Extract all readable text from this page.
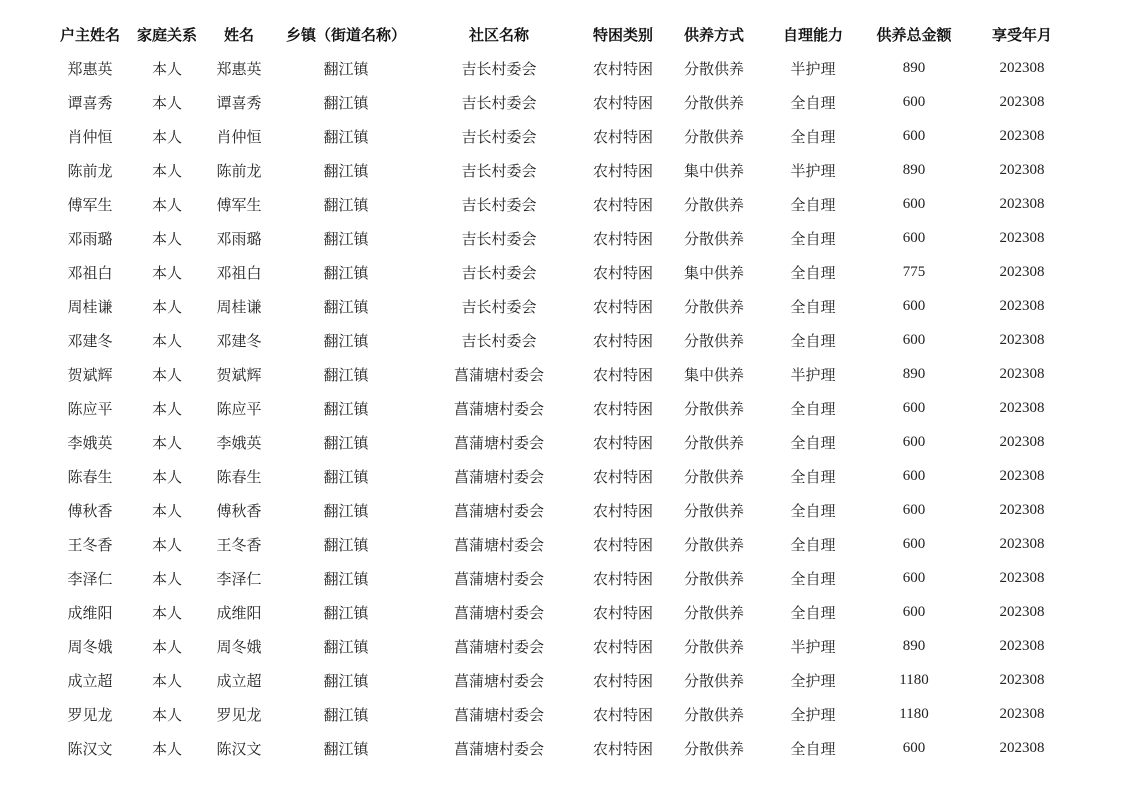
户主姓名	家庭关系	姓名	乡镇（街道名称）	社区名称	特困类别	供养方式	自理能力	供养总金额	享受年月
郑惠英	本人	郑惠英	翻江镇	吉长村委会	农村特困	分散供养	半护理	890	202308
谭喜秀	本人	谭喜秀	翻江镇	吉长村委会	农村特困	分散供养	全自理	600	202308
肖仲恒	本人	肖仲恒	翻江镇	吉长村委会	农村特困	分散供养	全自理	600	202308
陈前龙	本人	陈前龙	翻江镇	吉长村委会	农村特困	集中供养	半护理	890	202308
傅军生	本人	傅军生	翻江镇	吉长村委会	农村特困	分散供养	全自理	600	202308
邓雨璐	本人	邓雨璐	翻江镇	吉长村委会	农村特困	分散供养	全自理	600	202308
邓祖白	本人	邓祖白	翻江镇	吉长村委会	农村特困	集中供养	全自理	775	202308
周桂谦	本人	周桂谦	翻江镇	吉长村委会	农村特困	分散供养	全自理	600	202308
邓建冬	本人	邓建冬	翻江镇	吉长村委会	农村特困	分散供养	全自理	600	202308
贺斌辉	本人	贺斌辉	翻江镇	菖蒲塘村委会	农村特困	集中供养	半护理	890	202308
陈应平	本人	陈应平	翻江镇	菖蒲塘村委会	农村特困	分散供养	全自理	600	202308
李娥英	本人	李娥英	翻江镇	菖蒲塘村委会	农村特困	分散供养	全自理	600	202308
陈春生	本人	陈春生	翻江镇	菖蒲塘村委会	农村特困	分散供养	全自理	600	202308
傅秋香	本人	傅秋香	翻江镇	菖蒲塘村委会	农村特困	分散供养	全自理	600	202308
王冬香	本人	王冬香	翻江镇	菖蒲塘村委会	农村特困	分散供养	全自理	600	202308
李泽仁	本人	李泽仁	翻江镇	菖蒲塘村委会	农村特困	分散供养	全自理	600	202308
成维阳	本人	成维阳	翻江镇	菖蒲塘村委会	农村特困	分散供养	全自理	600	202308
周冬娥	本人	周冬娥	翻江镇	菖蒲塘村委会	农村特困	分散供养	半护理	890	202308
成立超	本人	成立超	翻江镇	菖蒲塘村委会	农村特困	分散供养	全护理	1180	202308
罗见龙	本人	罗见龙	翻江镇	菖蒲塘村委会	农村特困	分散供养	全护理	1180	202308
陈汉文	本人	陈汉文	翻江镇	菖蒲塘村委会	农村特困	分散供养	全自理	600	202308
